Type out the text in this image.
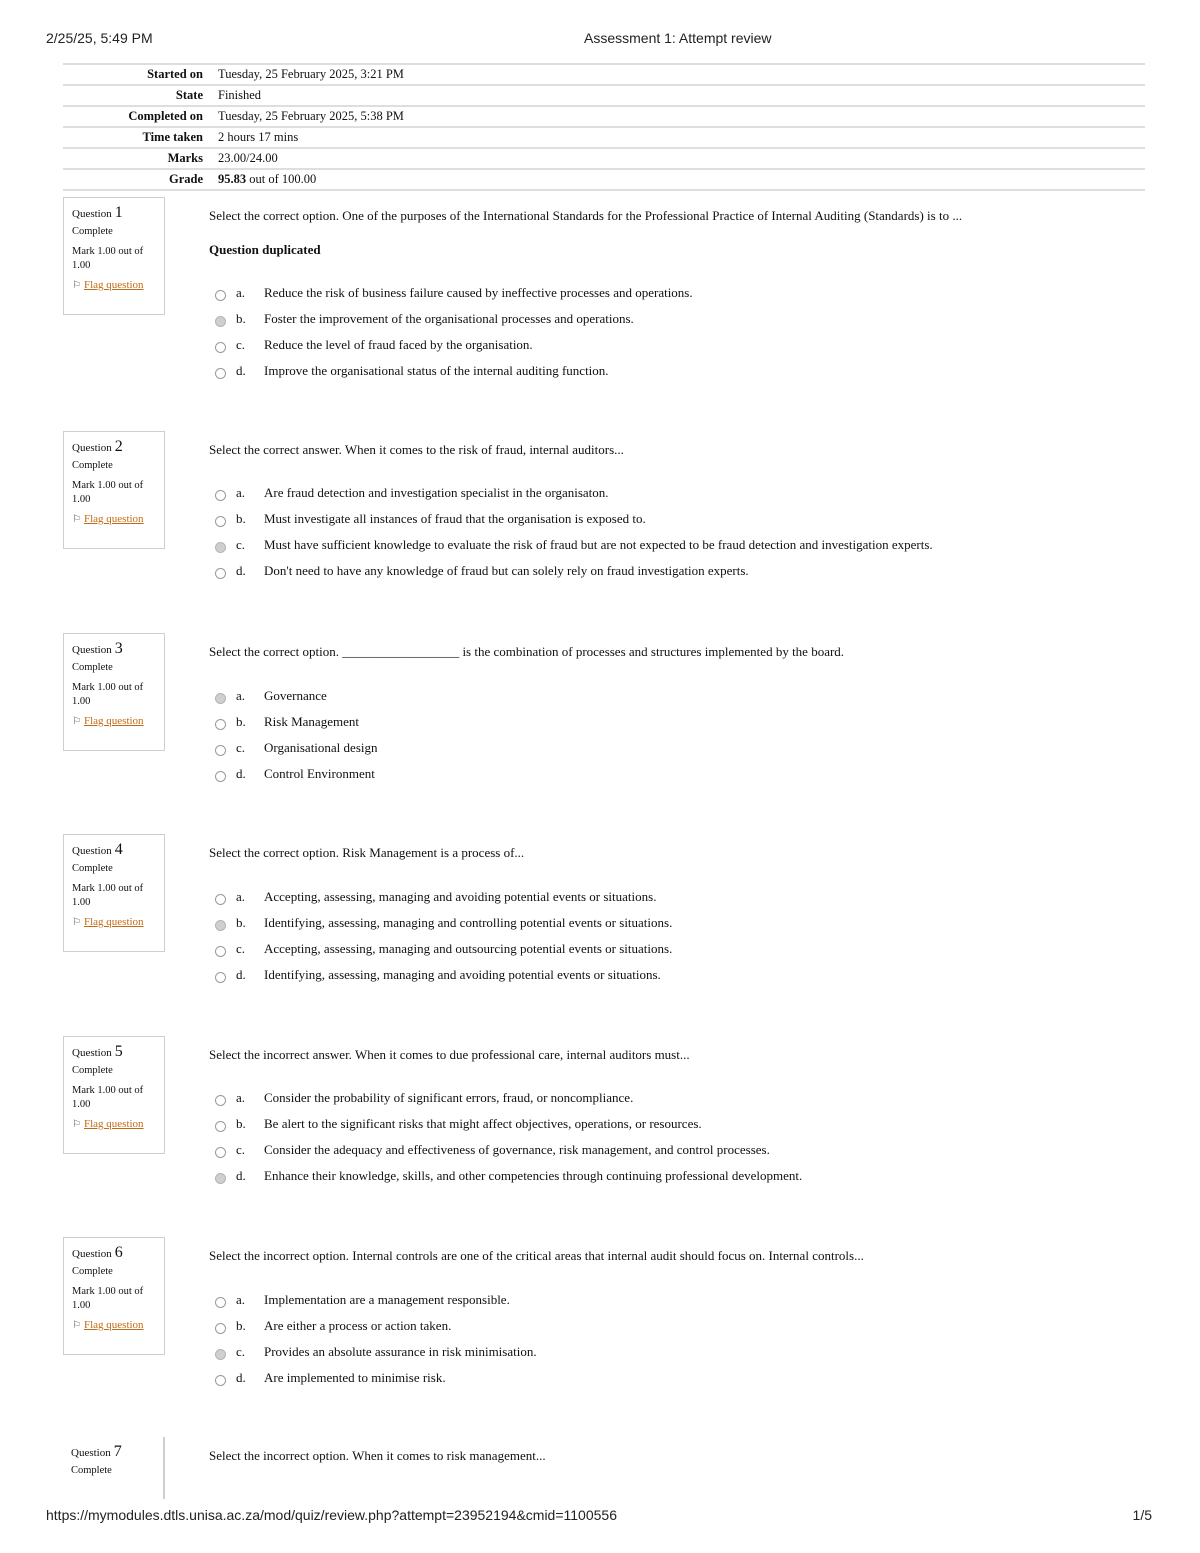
2/25/25, 5:49 PM	Assessment 1: Attempt review
Started on	Tuesday, 25 February 2025, 3:21 PM
State	Finished
Completed on	Tuesday, 25 February 2025, 5:38 PM
Time taken	2 hours 17 mins
Marks	23.00/24.00
Grade	95.83 out of 100.00
Question 1
Complete
Mark 1.00 out of 1.00
⚐ Flag question
Select the correct option. One of the purposes of the International Standards for the Professional Practice of Internal Auditing (Standards) is to ...
Question duplicated
a. Reduce the risk of business failure caused by ineffective processes and operations.
b. Foster the improvement of the organisational processes and operations.
c. Reduce the level of fraud faced by the organisation.
d. Improve the organisational status of the internal auditing function.
Question 2
Complete
Mark 1.00 out of 1.00
⚐ Flag question
Select the correct answer. When it comes to the risk of fraud, internal auditors...
a. Are fraud detection and investigation specialist in the organisaton.
b. Must investigate all instances of fraud that the organisation is exposed to.
c. Must have sufficient knowledge to evaluate the risk of fraud but are not expected to be fraud detection and investigation experts.
d. Don't need to have any knowledge of fraud but can solely rely on fraud investigation experts.
Question 3
Complete
Mark 1.00 out of 1.00
⚐ Flag question
Select the correct option. __________________ is the combination of processes and structures implemented by the board.
a. Governance
b. Risk Management
c. Organisational design
d. Control Environment
Question 4
Complete
Mark 1.00 out of 1.00
⚐ Flag question
Select the correct option. Risk Management is a process of...
a. Accepting, assessing, managing and avoiding potential events or situations.
b. Identifying, assessing, managing and controlling potential events or situations.
c. Accepting, assessing, managing and outsourcing potential events or situations.
d. Identifying, assessing, managing and avoiding potential events or situations.
Question 5
Complete
Mark 1.00 out of 1.00
⚐ Flag question
Select the incorrect answer. When it comes to due professional care, internal auditors must...
a. Consider the probability of significant errors, fraud, or noncompliance.
b. Be alert to the significant risks that might affect objectives, operations, or resources.
c. Consider the adequacy and effectiveness of governance, risk management, and control processes.
d. Enhance their knowledge, skills, and other competencies through continuing professional development.
Question 6
Complete
Mark 1.00 out of 1.00
⚐ Flag question
Select the incorrect option. Internal controls are one of the critical areas that internal audit should focus on. Internal controls...
a. Implementation are a management responsible.
b. Are either a process or action taken.
c. Provides an absolute assurance in risk minimisation.
d. Are implemented to minimise risk.
Question 7
Complete
Select the incorrect option. When it comes to risk management...
https://mymodules.dtls.unisa.ac.za/mod/quiz/review.php?attempt=23952194&cmid=1100556	1/5
